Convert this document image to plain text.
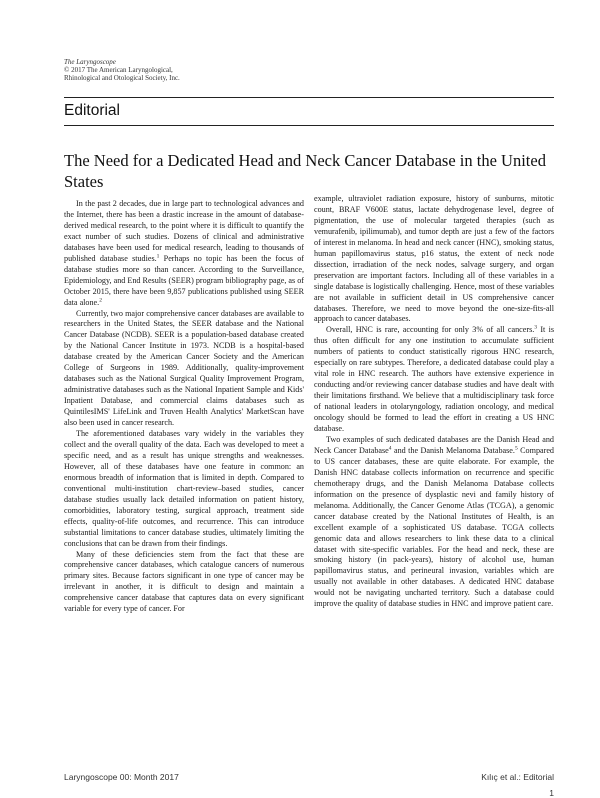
The Laryngoscope
© 2017 The American Laryngological,
Rhinological and Otological Society, Inc.
Editorial
The Need for a Dedicated Head and Neck Cancer Database in the United States

In the past 2 decades, due in large part to technological advances and the Internet, there has been a drastic increase in the amount of database-derived medical research, to the point where it is difficult to quantify the exact number of such studies. Dozens of clinical and administrative databases have been used for medical research, leading to thousands of published database studies.$^1$ Perhaps no topic has been the focus of database studies more so than cancer. According to the Surveillance, Epidemiology, and End Results (SEER) program bibliography page, as of October 2015, there have been 9,857 publications published using SEER data alone.$^2$

Currently, two major comprehensive cancer databases are available to researchers in the United States, the SEER database and the National Cancer Database (NCDB). SEER is a population-based database created by the National Cancer Institute in 1973. NCDB is a hospital-based database created by the American Cancer Society and the American College of Surgeons in 1989. Additionally, quality-improvement databases such as the National Surgical Quality Improvement Program, administrative databases such as the National Inpatient Sample and Kids' Inpatient Database, and commercial claims databases such as QuintilesIMS' LifeLink and Truven Health Analytics' MarketScan have also been used in cancer research.

The aforementioned databases vary widely in the variables they collect and the overall quality of the data. Each was developed to meet a specific need, and as a result has unique strengths and weaknesses. However, all of these databases have one feature in common: an enormous breadth of information that is limited in depth. Compared to conventional multi-institution chart-review–based studies, cancer database studies usually lack detailed information on patient history, comorbidities, laboratory testing, surgical approach, treatment side effects, quality-of-life outcomes, and recurrence. This can introduce substantial limitations to cancer database studies, ultimately limiting the conclusions that can be drawn from their findings.

Many of these deficiencies stem from the fact that these are comprehensive cancer databases, which catalogue cancers of numerous primary sites. Because factors significant in one type of cancer may be irrelevant in another, it is difficult to design and maintain a comprehensive cancer database that captures data on every significant variable for every type of cancer. For

example, ultraviolet radiation exposure, history of sunburns, mitotic count, BRAF V600E status, lactate dehydrogenase level, degree of pigmentation, the use of molecular targeted therapies (such as vemurafenib, ipilimumab), and tumor depth are just a few of the factors of interest in melanoma. In head and neck cancer (HNC), smoking status, human papillomavirus status, p16 status, the extent of neck node dissection, irradiation of the neck nodes, salvage surgery, and organ preservation are important factors. Including all of these variables in a single database is logistically challenging. Hence, most of these variables are not available in sufficient detail in US comprehensive cancer databases. Therefore, we need to move beyond the one-size-fits-all approach to cancer databases.

Overall, HNC is rare, accounting for only 3% of all cancers.$^3$ It is thus often difficult for any one institution to accumulate sufficient numbers of patients to conduct statistically rigorous HNC research, especially on rare subtypes. Therefore, a dedicated database could play a vital role in HNC research. The authors have extensive experience in conducting and/or reviewing cancer database studies and have dealt with their limitations firsthand. We believe that a multidisciplinary task force of national leaders in otolaryngology, radiation oncology, and medical oncology should be formed to lead the effort in creating a US HNC database.

Two examples of such dedicated databases are the Danish Head and Neck Cancer Database$^4$ and the Danish Melanoma Database.$^5$ Compared to US cancer databases, these are quite elaborate. For example, the Danish HNC database collects information on recurrence and specific chemotherapy drugs, and the Danish Melanoma Database collects information on the presence of dysplastic nevi and family history of melanoma. Additionally, the Cancer Genome Atlas (TCGA), a genomic cancer database created by the National Institutes of Health, is an excellent example of a sophisticated US database. TCGA collects genomic data and allows researchers to link these data to a clinical dataset with site-specific variables. For the head and neck, these are smoking history (in pack-years), history of alcohol use, human papillomavirus status, and perineural invasion, variables which are usually not available in other databases. A dedicated HNC database would not be navigating uncharted territory. Such a database could improve the quality of database studies in HNC and improve patient care.

Laryngoscope 00: Month 2017	Kılıç et al.: Editorial
1
